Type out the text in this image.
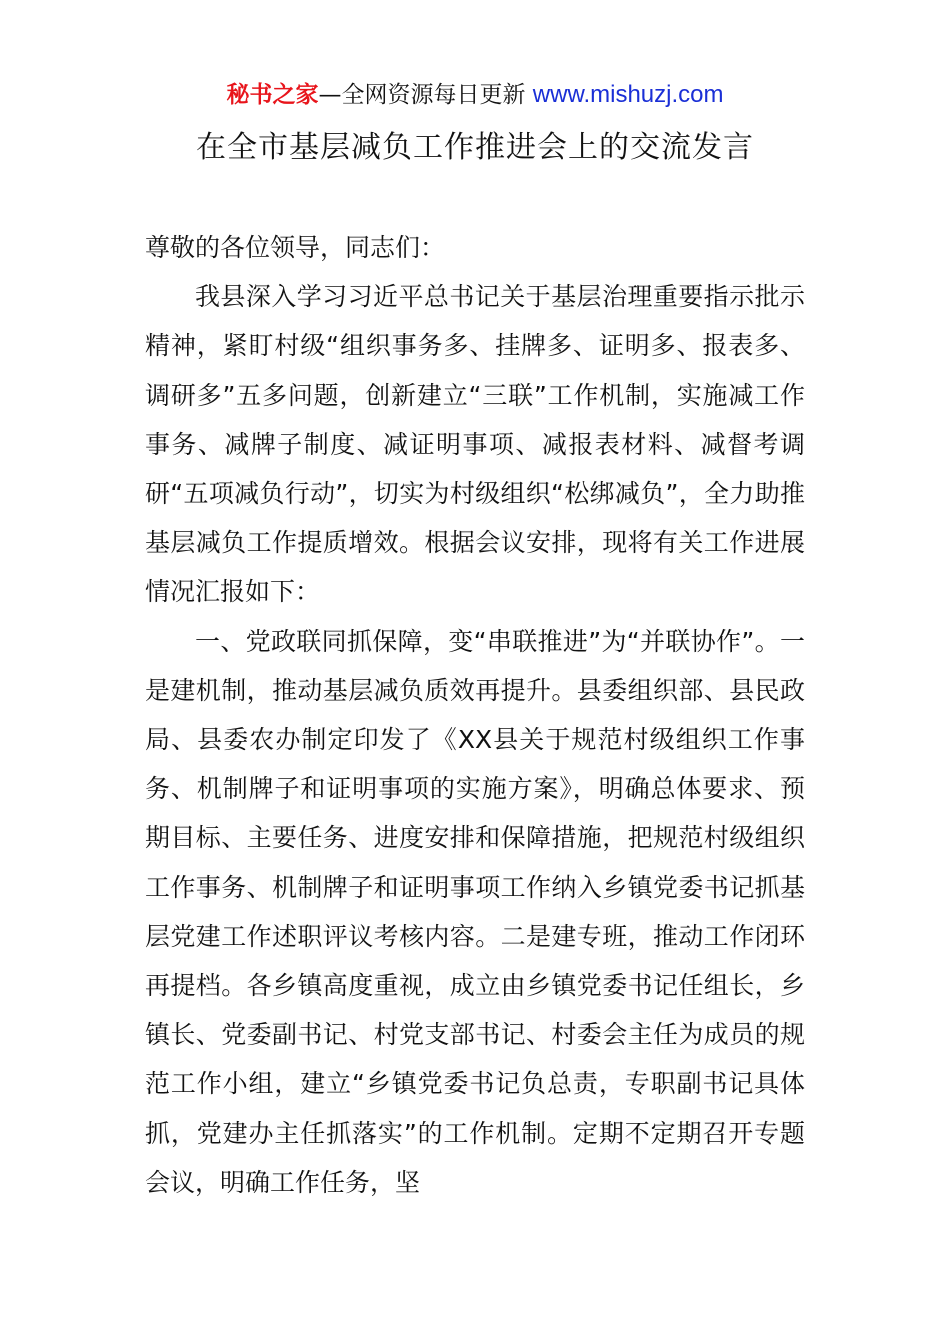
秘书之家—全网资源每日更新 www.mishuzj.com
在全市基层减负工作推进会上的交流发言

尊敬的各位领导，同志们：

我县深入学习习近平总书记关于基层治理重要指示批示精神，紧盯村级“组织事务多、挂牌多、证明多、报表多、调研多”五多问题，创新建立“三联”工作机制，实施减工作事务、减牌子制度、减证明事项、减报表材料、减督考调研“五项减负行动”，切实为村级组织“松绑减负”，全力助推基层减负工作提质增效。根据会议安排，现将有关工作进展情况汇报如下：

一、党政联同抓保障，变“串联推进”为“并联协作”。一是建机制，推动基层减负质效再提升。县委组织部、县民政局、县委农办制定印发了《XX县关于规范村级组织工作事务、机制牌子和证明事项的实施方案》，明确总体要求、预期目标、主要任务、进度安排和保障措施，把规范村级组织工作事务、机制牌子和证明事项工作纳入乡镇党委书记抓基层党建工作述职评议考核内容。二是建专班，推动工作闭环再提档。各乡镇高度重视，成立由乡镇党委书记任组长，乡镇长、党委副书记、村党支部书记、村委会主任为成员的规范工作小组，建立“乡镇党委书记负总责，专职副书记具体抓，党建办主任抓落实”的工作机制。定期不定期召开专题会议，明确工作任务，坚
